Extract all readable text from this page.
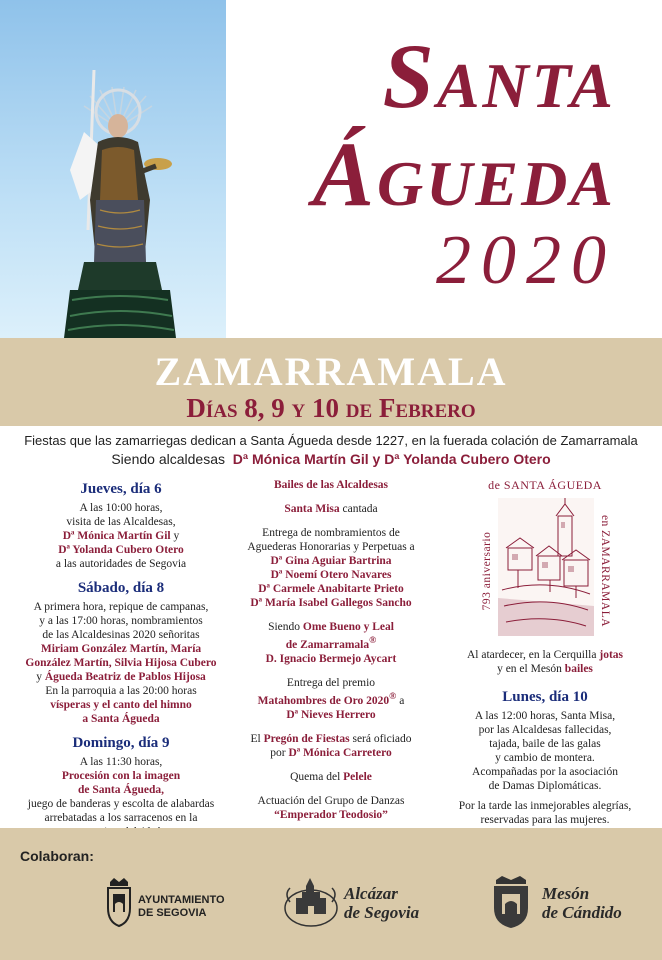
Santa
Águeda
2020
ZAMARRAMALA
Días 8, 9 y 10 de Febrero
Fiestas que las zamarriegas dedican a Santa Águeda desde 1227, en la fuerada colación de Zamarramala
Siendo alcaldesas Dª Mónica Martín Gil y Dª Yolanda Cubero Otero
Jueves, día 6
A las 10:00 horas,
visita de las Alcaldesas,
Dª Mónica Martín Gil y
Dª Yolanda Cubero Otero
a las autoridades de Segovia
Sábado, día 8
A primera hora, repique de campanas,
y a las 17:00 horas, nombramientos
de las Alcaldesinas 2020 señoritas
Miriam González Martín, María
González Martín, Silvia Hijosa Cubero
y Águeda Beatriz de Pablos Hijosa
En la parroquia a las 20:00 horas
vísperas y el canto del himno
a Santa Águeda
Domingo, día 9
A las 11:30 horas,
Procesión con la imagen
de Santa Águeda,
juego de banderas y escolta de alabardas
arrebatadas a los sarracenos en la
Bailes de las Alcaldesas
Santa Misa cantada
Entrega de nombramientos de
Aguederas Honorarias y Perpetuas a
Dª Gina Aguiar Bartrina
Dª Noemí Otero Navares
Dª Carmele Anabitarte Prieto
Dª María Isabel Gallegos Sancho
Siendo Ome Bueno y Leal
de Zamarramala®
D. Ignacio Bermejo Aycart
Entrega del premio
Matahombres de Oro 2020® a
Dª Nieves Herrero
El Pregón de Fiestas será oficiado
por Dª Mónica Carretero
Quema del Pelele
Actuación del Grupo de Danzas
“Emperador Teodosio”
de SANTA ÁGUEDA
793 aniversario	en ZAMARRAMALA
Al atardecer, en la Cerquilla jotas
y en el Mesón bailes
Lunes, día 10
A las 12:00 horas, Santa Misa,
por las Alcaldesas fallecidas,
tajada, baile de las galas
y cambio de montera.
Acompañadas por la asociación
de Damas Diplomáticas.
Por la tarde las inmejorables alegrías,
reservadas para las mujeres.
Colaboran:
AYUNTAMIENTO
DE SEGOVIA
Alcázar
de Segovia
Mesón
de Cándido
